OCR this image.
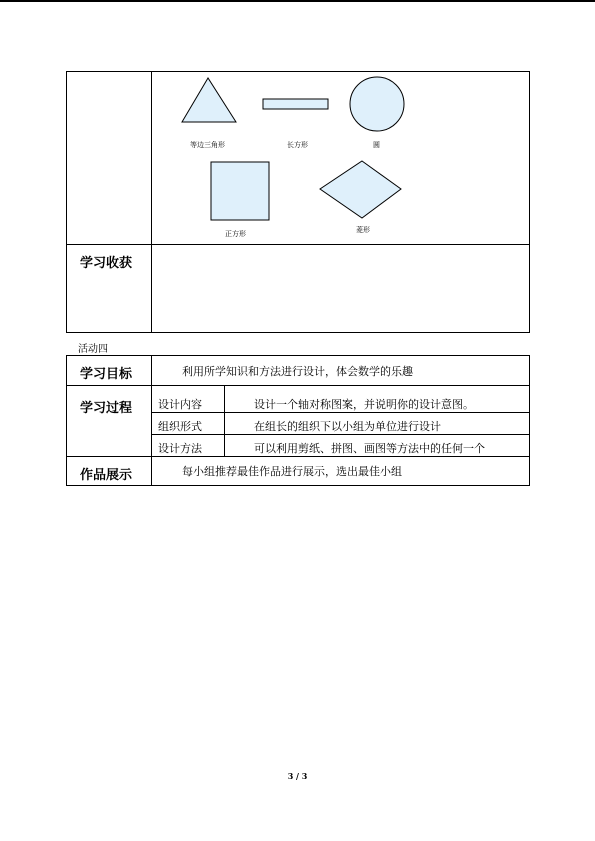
等边三角形	长方形	圆
正方形	菱形
学习收获
活动四
学习目标	利用所学知识和方法进行设计，体会数学的乐趣
学习过程 设计内容	设计一个轴对称图案，并说明你的设计意图。
组织形式	在组长的组织下以小组为单位进行设计
设计方法	可以利用剪纸、拼图、画图等方法中的任何一个
作品展示	每小组推荐最佳作品进行展示，选出最佳小组
3 / 3
